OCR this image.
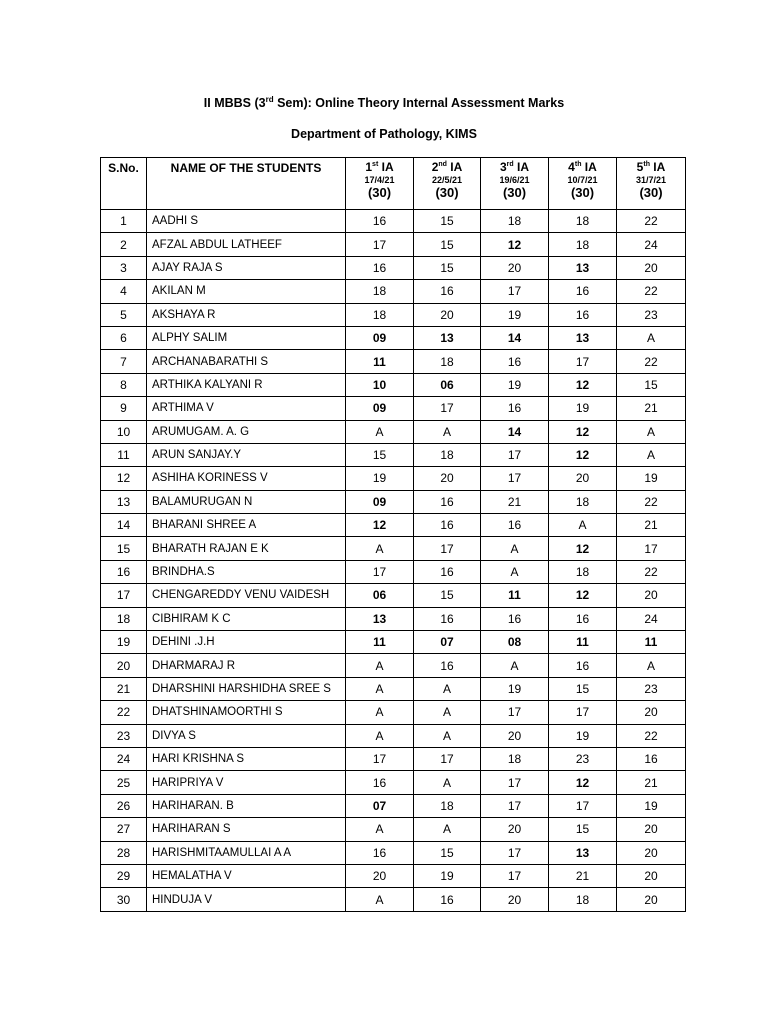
II MBBS (3rd Sem): Online Theory Internal Assessment Marks
Department of Pathology, KIMS
S.No.	NAME OF THE STUDENTS	1st IA
17/4/21
(30)	2nd IA
22/5/21
(30)	3rd IA
19/6/21
(30)	4th IA
10/7/21
(30)	5th IA
31/7/21
(30)

1	AADHI S	16	15	18	18	22
2	AFZAL ABDUL LATHEEF	17	15	12	18	24
3	AJAY RAJA S	16	15	20	13	20
4	AKILAN M	18	16	17	16	22
5	AKSHAYA R	18	20	19	16	23
6	ALPHY SALIM	09	13	14	13	A
7	ARCHANABARATHI S	11	18	16	17	22
8	ARTHIKA KALYANI R	10	06	19	12	15
9	ARTHIMA V	09	17	16	19	21
10	ARUMUGAM. A. G	A	A	14	12	A
11	ARUN SANJAY.Y	15	18	17	12	A
12	ASHIHA KORINESS V	19	20	17	20	19
13	BALAMURUGAN N	09	16	21	18	22
14	BHARANI SHREE A	12	16	16	A	21
15	BHARATH RAJAN E K	A	17	A	12	17
16	BRINDHA.S	17	16	A	18	22
17	CHENGAREDDY VENU VAIDESH	06	15	11	12	20
18	CIBHIRAM K C	13	16	16	16	24
19	DEHINI .J.H	11	07	08	11	11
20	DHARMARAJ R	A	16	A	16	A
21	DHARSHINI HARSHIDHA SREE S	A	A	19	15	23
22	DHATSHINAMOORTHI S	A	A	17	17	20
23	DIVYA S	A	A	20	19	22
24	HARI KRISHNA S	17	17	18	23	16
25	HARIPRIYA V	16	A	17	12	21
26	HARIHARAN. B	07	18	17	17	19
27	HARIHARAN S	A	A	20	15	20
28	HARISHMITAAMULLAI A A	16	15	17	13	20
29	HEMALATHA V	20	19	17	21	20
30	HINDUJA V	A	16	20	18	20
